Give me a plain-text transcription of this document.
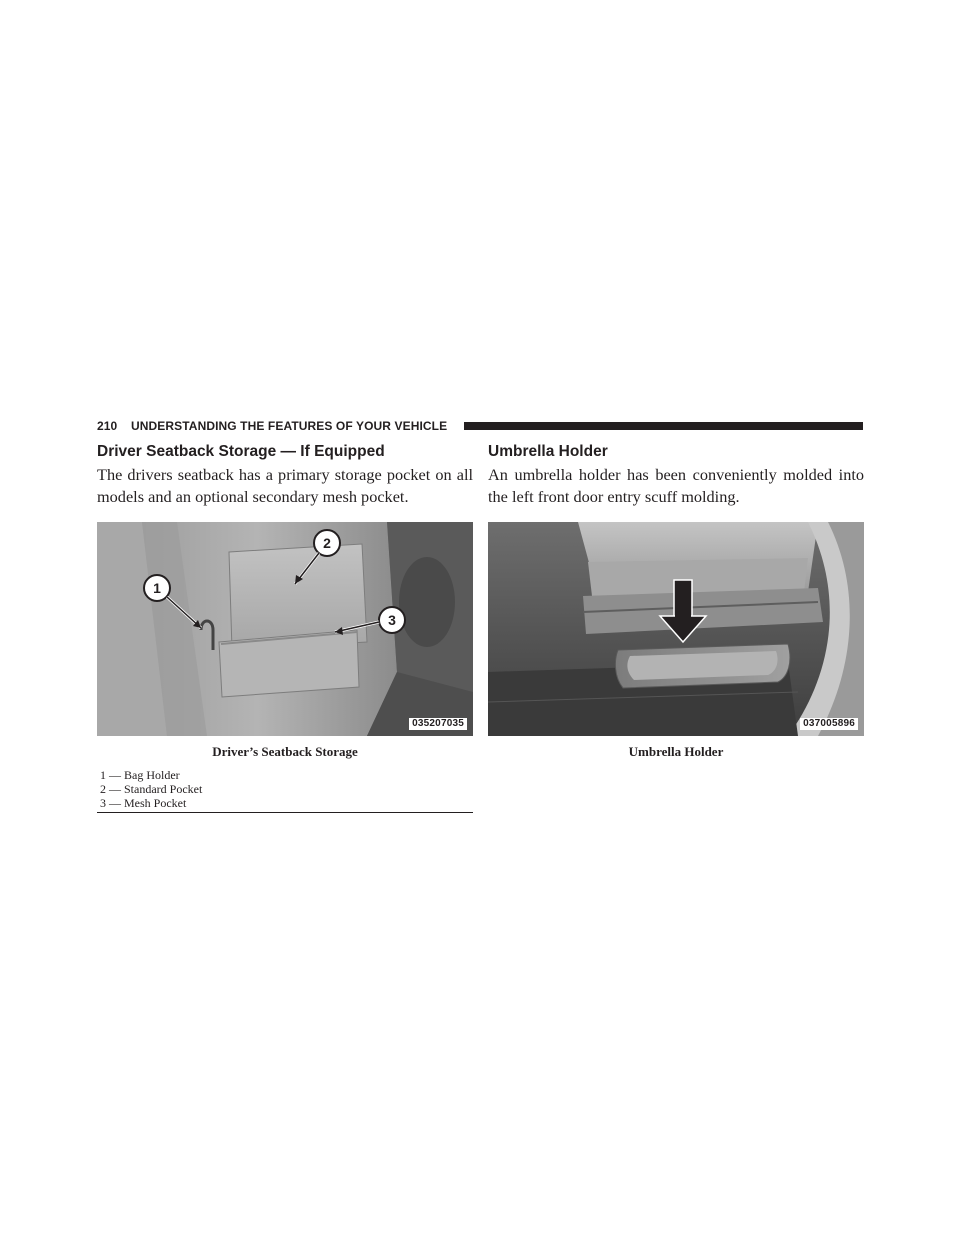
210 UNDERSTANDING THE FEATURES OF YOUR VEHICLE
Driver Seatback Storage — If Equipped

The drivers seatback has a primary storage pocket on all models and an optional secondary mesh pocket.

1
2
3
035207035

Driver’s Seatback Storage

1 — Bag Holder
2 — Standard Pocket
3 — Mesh Pocket
Umbrella Holder

An umbrella holder has been conveniently molded into the left front door entry scuff molding.

037005896

Umbrella Holder
